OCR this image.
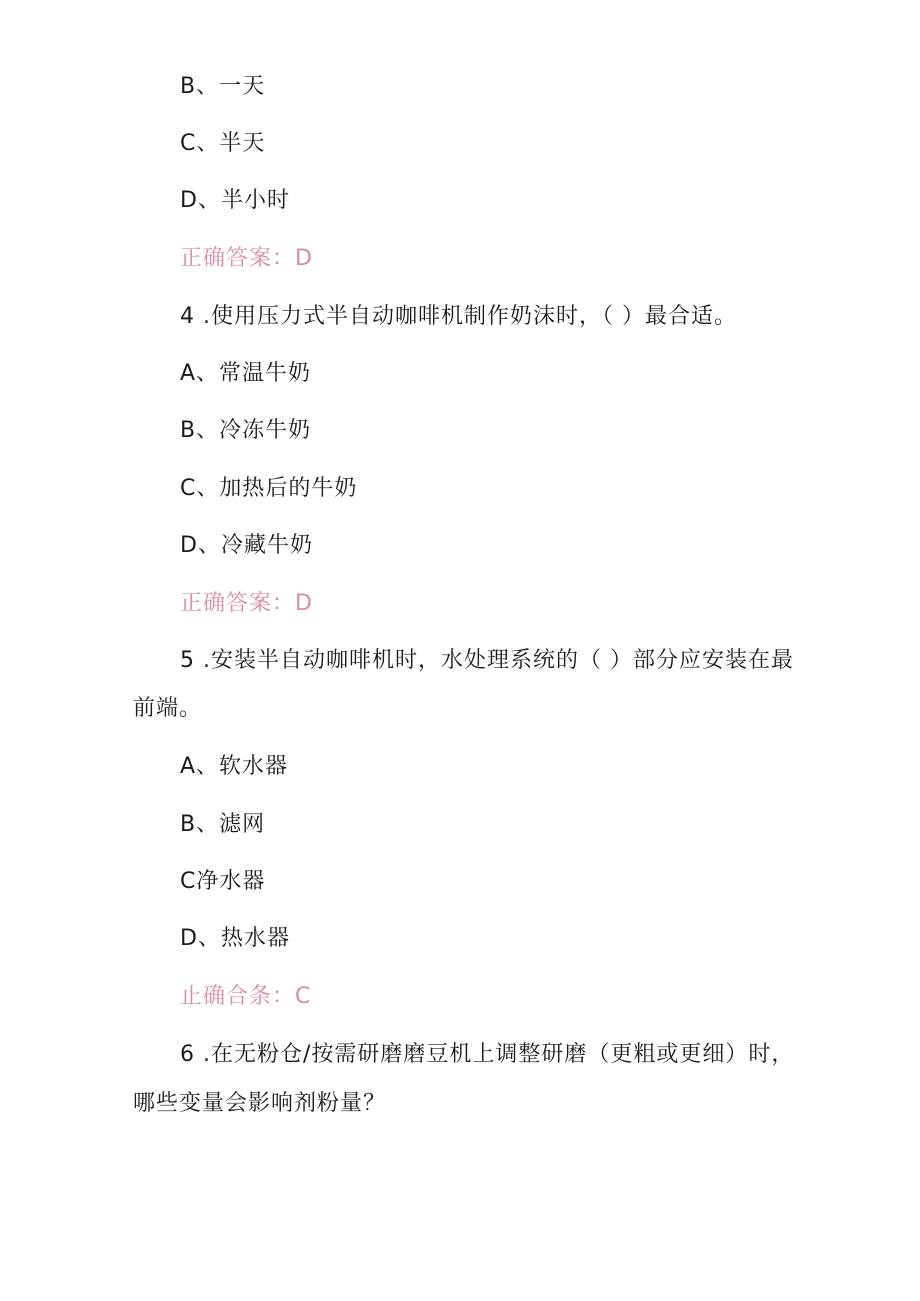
B、一天
C、半天
D、半小时
正确答案：D
4 .使用压力式半自动咖啡机制作奶沫时，（ ）最合适。
A、常温牛奶
B、冷冻牛奶
C、加热后的牛奶
D、冷藏牛奶
正确答案：D
5 .安装半自动咖啡机时，水处理系统的（ ）部分应安装在最
前端。
A、软水器
B、滤网
C净水器
D、热水器
止确合条：C
6 .在无粉仓/按需研磨磨豆机上调整研磨（更粗或更细）时，
哪些变量会影响剂粉量？
